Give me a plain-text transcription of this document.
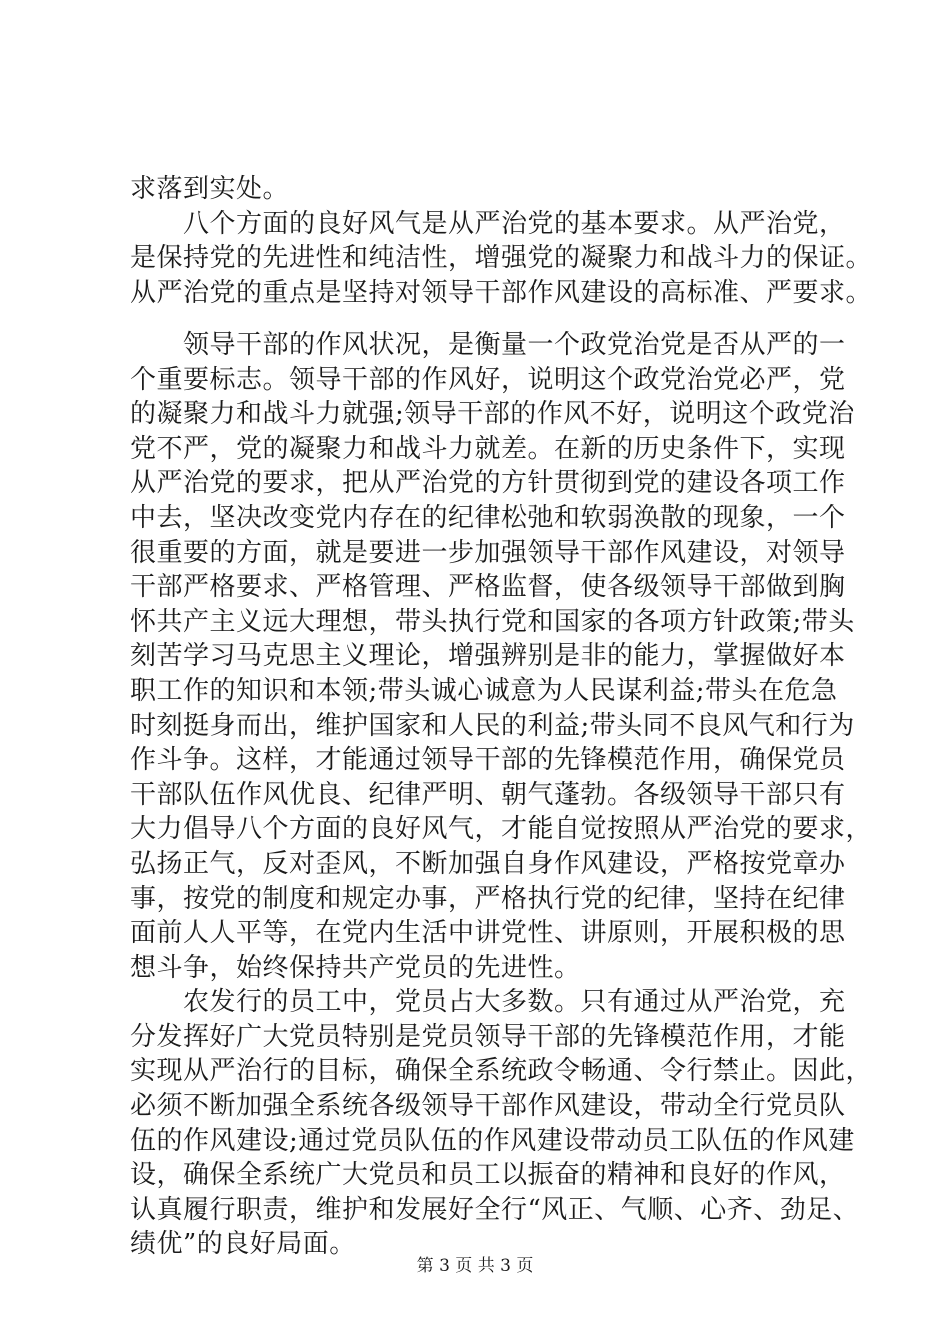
求落到实处。
　　八个方面的良好风气是从严治党的基本要求。从严治党，
是保持党的先进性和纯洁性，增强党的凝聚力和战斗力的保证。
从严治党的重点是坚持对领导干部作风建设的高标准、严要求。
　　领导干部的作风状况，是衡量一个政党治党是否从严的一
个重要标志。领导干部的作风好，说明这个政党治党必严，党
的凝聚力和战斗力就强;领导干部的作风不好，说明这个政党治
党不严，党的凝聚力和战斗力就差。在新的历史条件下，实现
从严治党的要求，把从严治党的方针贯彻到党的建设各项工作
中去，坚决改变党内存在的纪律松弛和软弱涣散的现象，一个
很重要的方面，就是要进一步加强领导干部作风建设，对领导
干部严格要求、严格管理、严格监督，使各级领导干部做到胸
怀共产主义远大理想，带头执行党和国家的各项方针政策;带头
刻苦学习马克思主义理论，增强辨别是非的能力，掌握做好本
职工作的知识和本领;带头诚心诚意为人民谋利益;带头在危急
时刻挺身而出，维护国家和人民的利益;带头同不良风气和行为
作斗争。这样，才能通过领导干部的先锋模范作用，确保党员
干部队伍作风优良、纪律严明、朝气蓬勃。各级领导干部只有
大力倡导八个方面的良好风气，才能自觉按照从严治党的要求，
弘扬正气，反对歪风，不断加强自身作风建设，严格按党章办
事，按党的制度和规定办事，严格执行党的纪律，坚持在纪律
面前人人平等，在党内生活中讲党性、讲原则，开展积极的思
想斗争，始终保持共产党员的先进性。
　　农发行的员工中，党员占大多数。只有通过从严治党，充
分发挥好广大党员特别是党员领导干部的先锋模范作用，才能
实现从严治行的目标，确保全系统政令畅通、令行禁止。因此，
必须不断加强全系统各级领导干部作风建设，带动全行党员队
伍的作风建设;通过党员队伍的作风建设带动员工队伍的作风建
设，确保全系统广大党员和员工以振奋的精神和良好的作风，
认真履行职责，维护和发展好全行“风正、气顺、心齐、劲足、
绩优”的良好局面。
第 3 页 共 3 页
